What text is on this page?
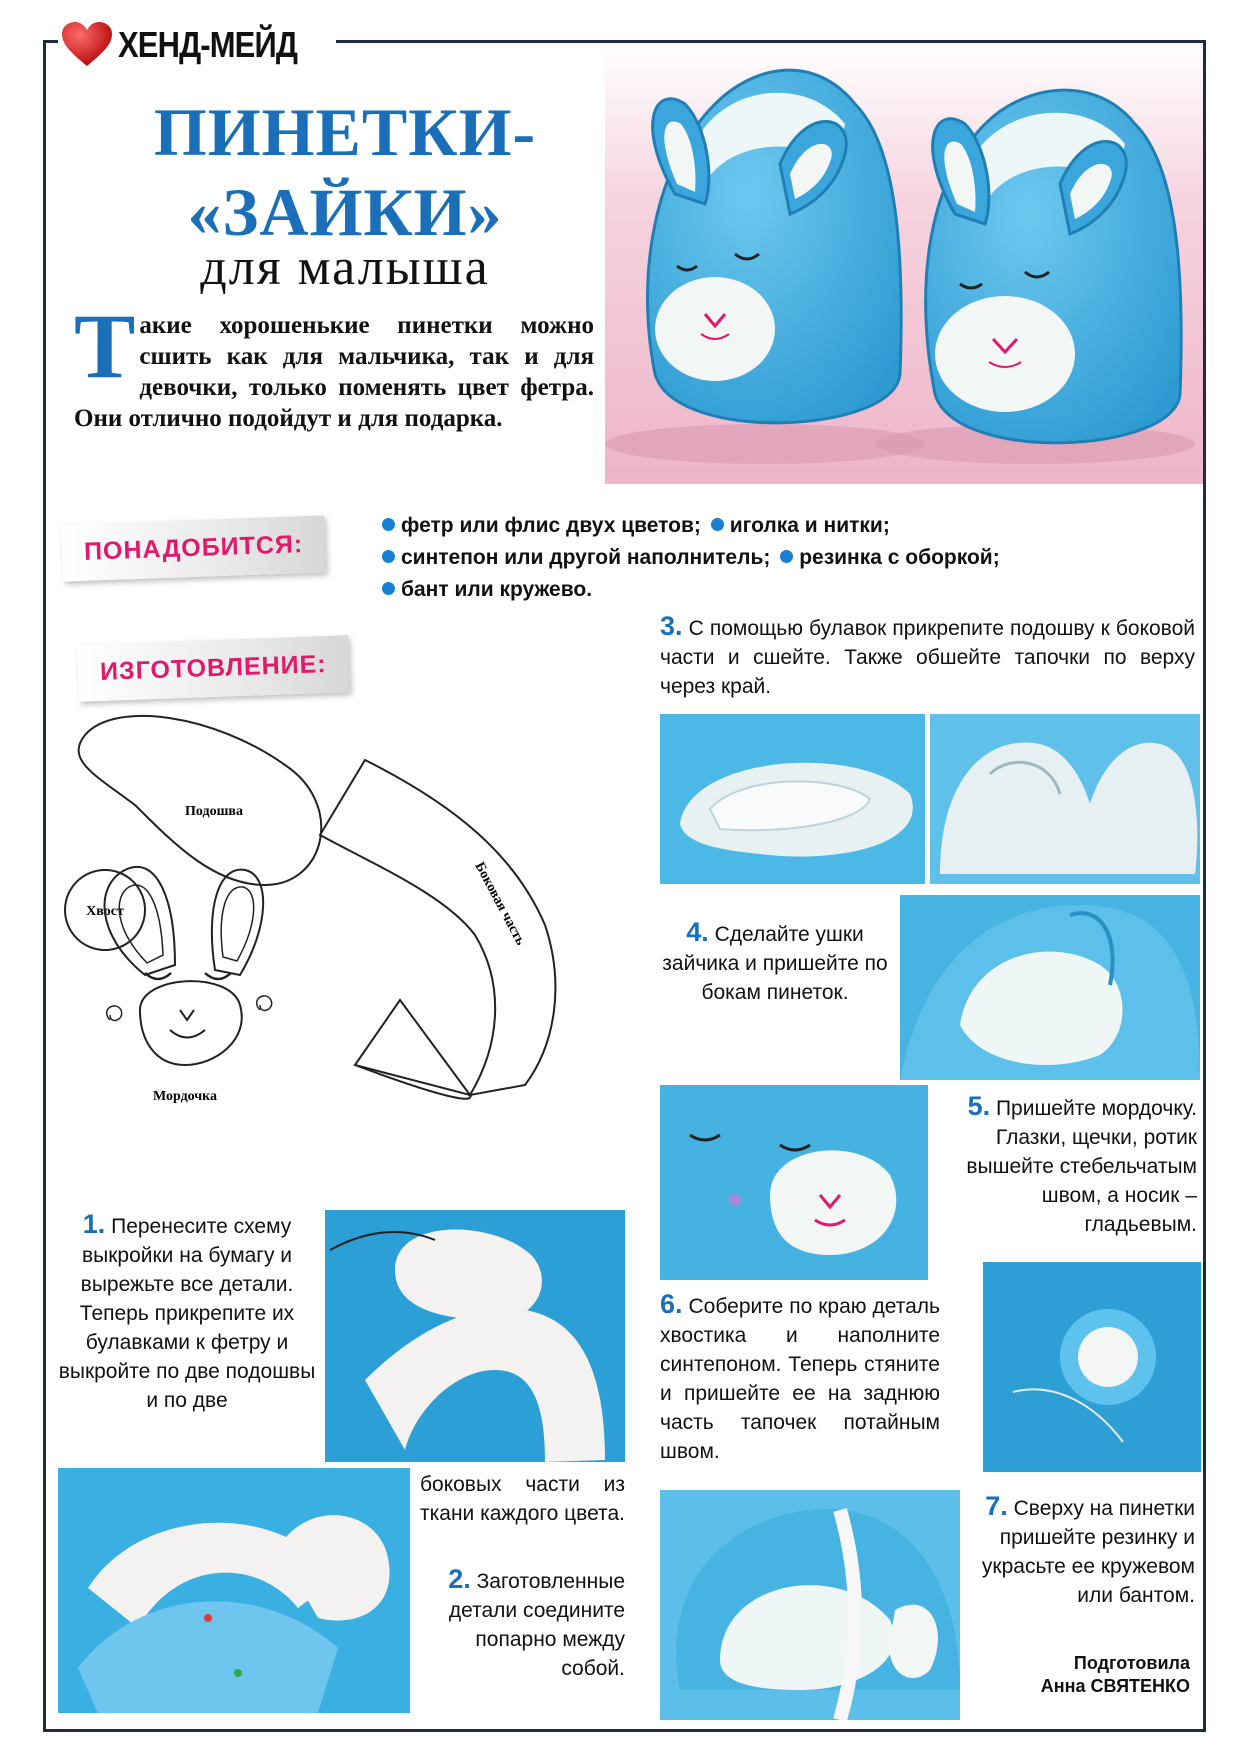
ХЕНД-МЕЙД
ПИНЕТКИ-
«ЗАЙКИ»
для малыша
Такие хорошенькие пинетки можно сшить как для мальчика, так и для девочки, только поменять цвет фетра. Они отлично подойдут и для подарка.
ПОНАДОБИТСЯ:
фетр или флис двух цветов; иголка и нитки;
синтепон или другой наполнитель; резинка с оборкой;
бант или кружево.
ИЗГОТОВЛЕНИЕ:
Подошва
Хвост	Боковая часть
Мордочка
1. Перенесите схему выкройки на бумагу и вырежьте все детали. Теперь прикрепите их булавками к фетру и выкройте по две подошвы и по две
боковых части из ткани каждого цвета.
2. Заготовленные детали соедините попарно между собой.
3. С помощью булавок прикрепите подошву к боковой части и сшейте. Также обшейте тапочки по верху через край.
4. Сделайте ушки зайчика и пришейте по бокам пинеток.
5. Пришейте мордочку. Глазки, щечки, ротик вышейте стебельчатым швом, а носик – гладьевым.
6. Соберите по краю деталь хвостика и наполните синтепоном. Теперь стяните и пришейте ее на заднюю часть тапочек потайным швом.
7. Сверху на пинетки пришейте резинку и украсьте ее кружевом или бантом.
Подготовила
Анна СВЯТЕНКО
